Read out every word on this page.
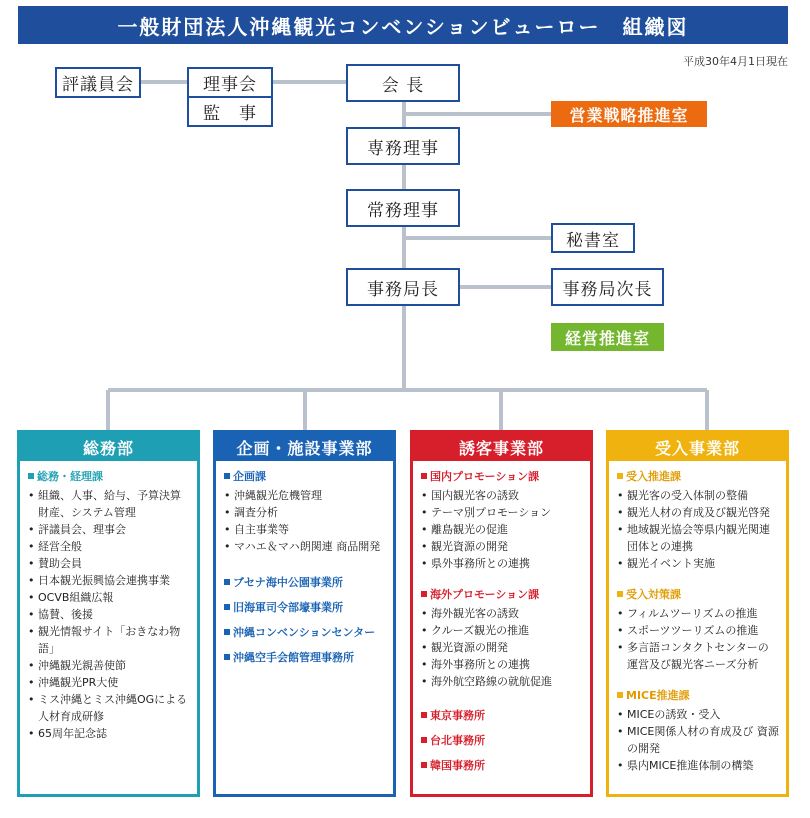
一般財団法人沖縄観光コンベンションビューロー　組織図
平成30年4月1日現在
評議員会	理事会
監　事
会 長
営業戦略推進室
専務理事
常務理事
秘書室
事務局長	事務局次長
経営推進室
総務部
総務・経理課
• 組織、人事、給与、予算決算 財産、システム管理
• 評議員会、理事会
• 経営全般
• 賛助会員
• 日本観光振興協会連携事業
• OCVB組織広報
• 協賛、後援
• 観光情報サイト「おきなわ物語」
• 沖縄観光親善使節
• 沖縄観光PR大使
• ミス沖縄とミス沖縄OGによる 人材育成研修
• 65周年記念誌
企画・施設事業部
企画課
• 沖縄観光危機管理
• 調査分析
• 自主事業等
• マハエ＆マハ朗関連 商品開発
ブセナ海中公園事業所
旧海軍司令部壕事業所
沖縄コンベンションセンター
沖縄空手会館管理事務所
誘客事業部
国内プロモーション課
• 国内観光客の誘致
• テーマ別プロモーション
• 離島観光の促進
• 観光資源の開発
• 県外事務所との連携
海外プロモーション課
• 海外観光客の誘致
• クルーズ観光の推進
• 観光資源の開発
• 海外事務所との連携
• 海外航空路線の就航促進
東京事務所
台北事務所
韓国事務所
受入事業部
受入推進課
• 観光客の受入体制の整備
• 観光人材の育成及び観光啓発
• 地域観光協会等県内観光関連 団体との連携
• 観光イベント実施
受入対策課
• フィルムツーリズムの推進
• スポーツツーリズムの推進
• 多言語コンタクトセンターの 運営及び観光客ニーズ分析
MICE推進課
• MICEの誘致・受入
• MICE関係人材の育成及び 資源の開発
• 県内MICE推進体制の構築
